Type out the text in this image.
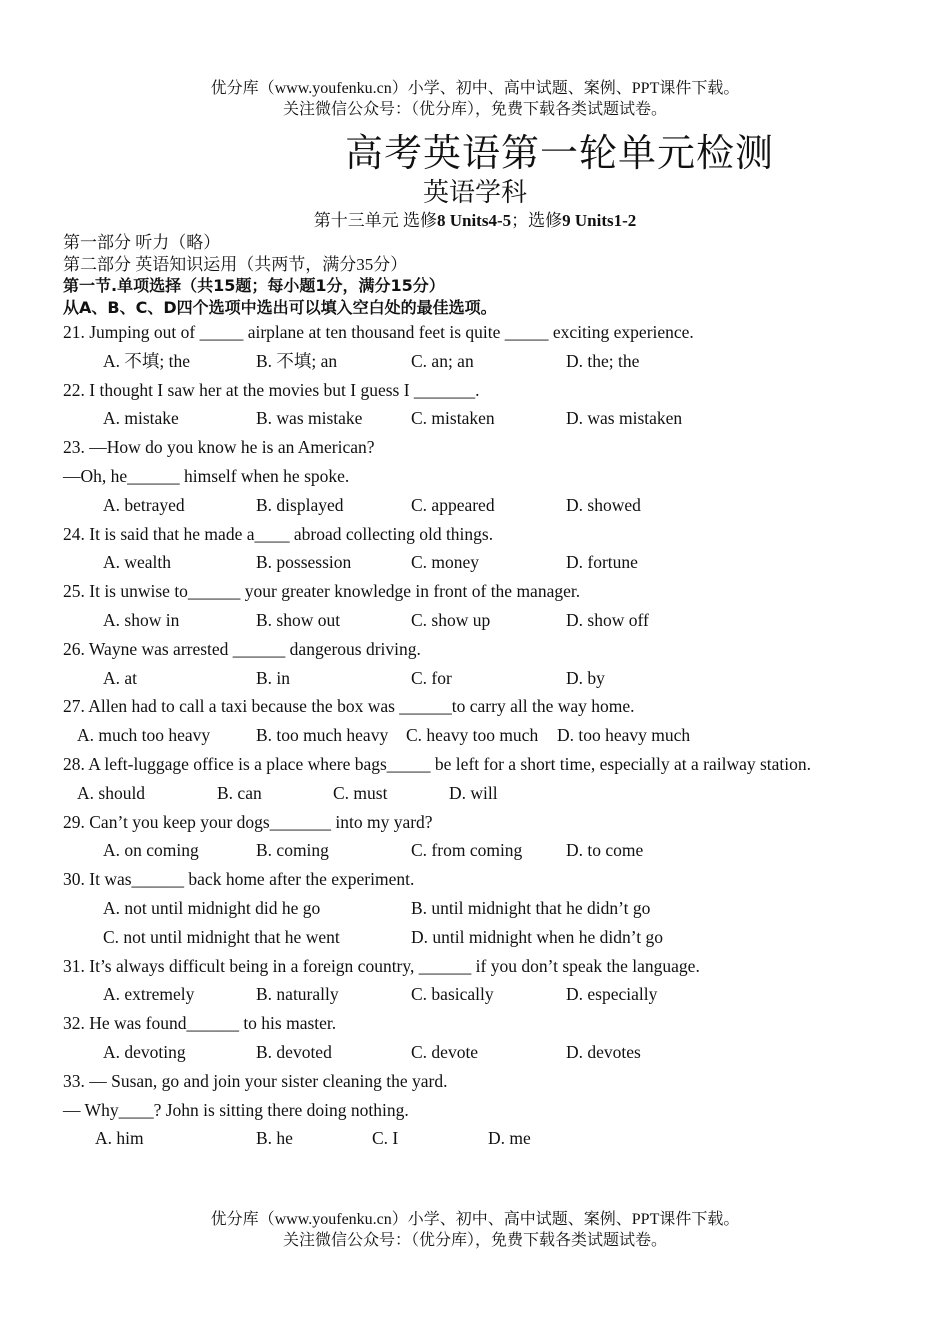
优分库（www.youfenku.cn）小学、初中、高中试题、案例、PPT课件下载。
关注微信公众号：（优分库），免费下载各类试题试卷。
高考英语第一轮单元检测
英语学科
第十三单元 选修8 Units4-5；选修9 Units1-2
第一部分 听力（略）
第二部分 英语知识运用（共两节，满分35分）
第一节.单项选择（共15题；每小题1分，满分15分）
从A、B、C、D四个选项中选出可以填入空白处的最佳选项。
21. Jumping out of _____ airplane at ten thousand feet is quite _____ exciting experience.
A. 不填; the	B. 不填; an	C. an; an	D. the; the
22. I thought I saw her at the movies but I guess I _______.
A. mistake	B. was mistake	C. mistaken	D. was mistaken
23. —How do you know he is an American?
—Oh, he______ himself when he spoke.
A. betrayed	B. displayed	C. appeared	D. showed
24. It is said that he made a____ abroad collecting old things.
A. wealth	B. possession	C. money	D. fortune
25. It is unwise to______ your greater knowledge in front of the manager.
A. show in	B. show out	C. show up	D. show off
26. Wayne was arrested ______ dangerous driving.
A. at	B. in	C. for	D. by
27. Allen had to call a taxi because the box was ______to carry all the way home.
A. much too heavy	B. too much heavy C. heavy too much D. too heavy much
28. A left-luggage office is a place where bags_____ be left for a short time, especially at a railway station.
A. should	B. can	C. must	D. will
29. Can’t you keep your dogs_______ into my yard?
A. on coming	B. coming	C. from coming D. to come
30. It was______ back home after the experiment.
A. not until midnight did he go	B. until midnight that he didn’t go
C. not until midnight that he went	D. until midnight when he didn’t go
31. It’s always difficult being in a foreign country, ______ if you don’t speak the language.
A. extremely	B. naturally	C. basically	D. especially
32. He was found______ to his master.
A. devoting	B. devoted	C. devote	D. devotes
33. — Susan, go and join your sister cleaning the yard.
— Why____? John is sitting there doing nothing.
A. him	B. he	C. I	D. me
优分库（www.youfenku.cn）小学、初中、高中试题、案例、PPT课件下载。
关注微信公众号：（优分库），免费下载各类试题试卷。
